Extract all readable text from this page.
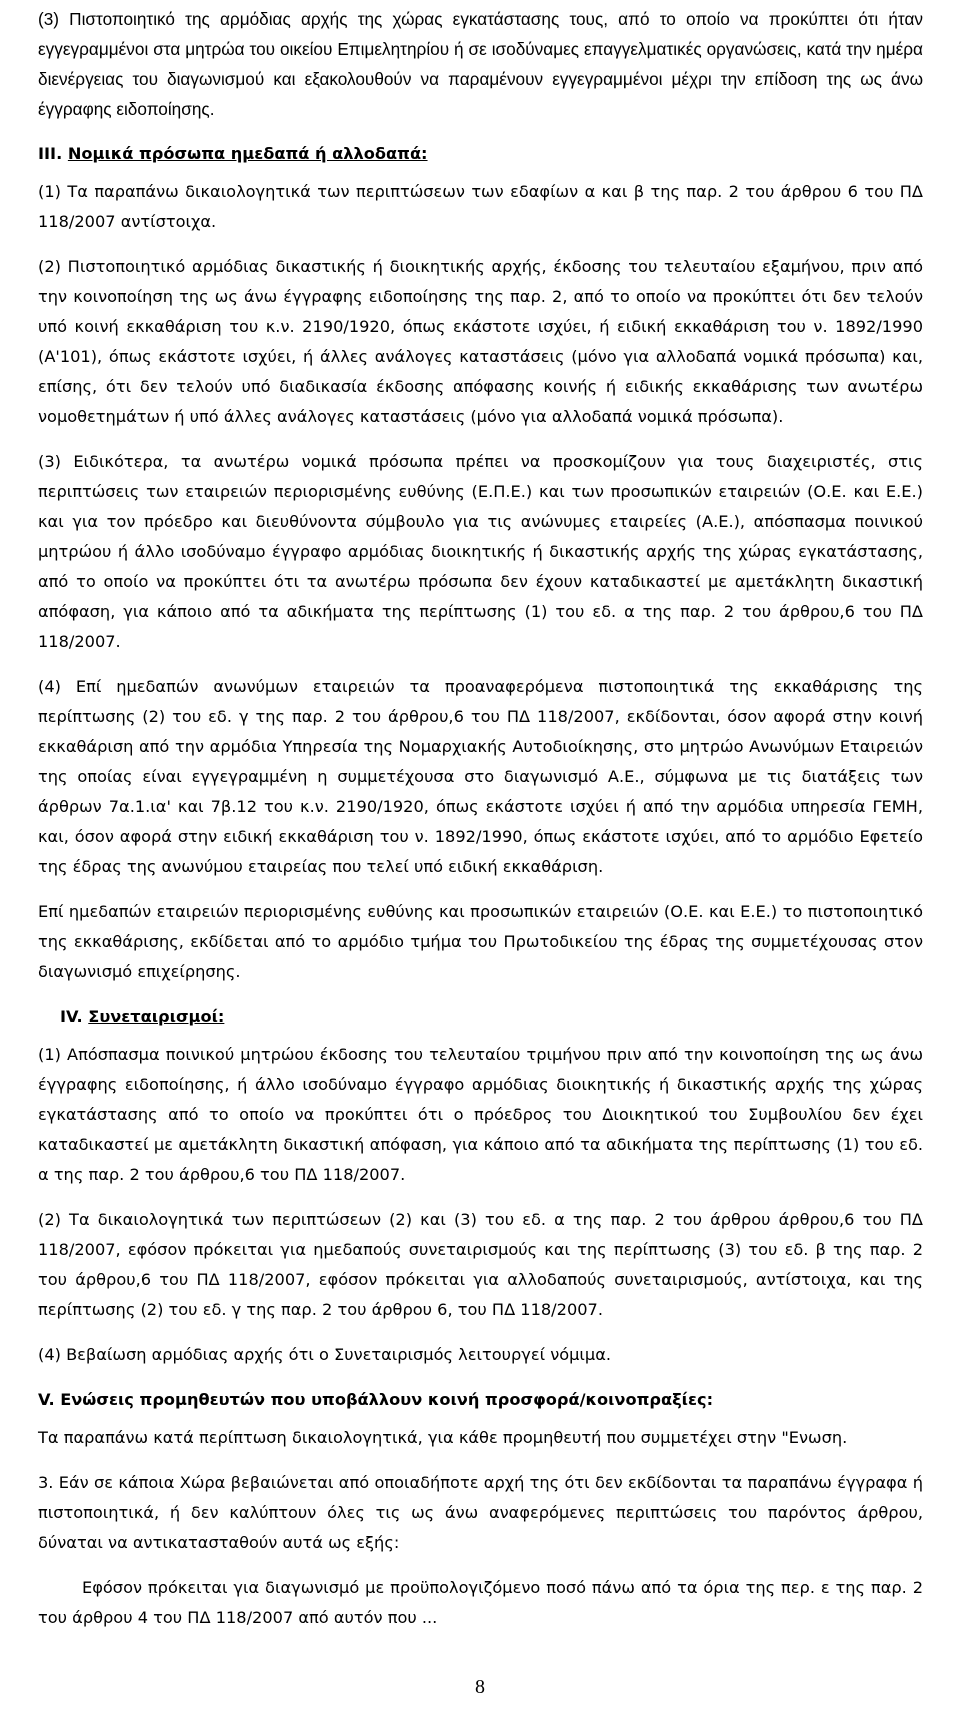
(3) Πιστοποιητικό της αρμόδιας αρχής της χώρας εγκατάστασης τους, από το οποίο να προκύπτει ότι ήταν εγγεγραμμένοι στα μητρώα του οικείου Επιμελητηρίου ή σε ισοδύναμες επαγγελματικές οργανώσεις, κατά την ημέρα διενέργειας του διαγωνισμού και εξακολουθούν να παραμένουν εγγεγραμμένοι μέχρι την επίδοση της ως άνω έγγραφης ειδοποίησης.

III. Νομικά πρόσωπα ημεδαπά ή αλλοδαπά:

(1) Τα παραπάνω δικαιολογητικά των περιπτώσεων των εδαφίων α και β της παρ. 2 του άρθρου 6 του ΠΔ 118/2007 αντίστοιχα.

(2) Πιστοποιητικό αρμόδιας δικαστικής ή διοικητικής αρχής, έκδοσης του τελευταίου εξαμήνου, πριν από την κοινοποίηση της ως άνω έγγραφης ειδοποίησης της παρ. 2, από το οποίο να προκύπτει ότι δεν τελούν υπό κοινή εκκαθάριση του κ.ν. 2190/1920, όπως εκάστοτε ισχύει, ή ειδική εκκαθάριση του ν. 1892/1990 (Α'101), όπως εκάστοτε ισχύει, ή άλλες ανάλογες καταστάσεις (μόνο για αλλοδαπά νομικά πρόσωπα) και, επίσης, ότι δεν τελούν υπό διαδικασία έκδοσης απόφασης κοινής ή ειδικής εκκαθάρισης των ανωτέρω νομοθετημάτων ή υπό άλλες ανάλογες καταστάσεις (μόνο για αλλοδαπά νομικά πρόσωπα).

(3) Ειδικότερα, τα ανωτέρω νομικά πρόσωπα πρέπει να προσκομίζουν για τους διαχειριστές, στις περιπτώσεις των εταιρειών περιορισμένης ευθύνης (Ε.Π.Ε.) και των προσωπικών εταιρειών (Ο.Ε. και Ε.Ε.) και για τον πρόεδρο και διευθύνοντα σύμβουλο για τις ανώνυμες εταιρείες (Α.Ε.), απόσπασμα ποινικού μητρώου ή άλλο ισοδύναμο έγγραφο αρμόδιας διοικητικής ή δικαστικής αρχής της χώρας εγκατάστασης, από το οποίο να προκύπτει ότι τα ανωτέρω πρόσωπα δεν έχουν καταδικαστεί με αμετάκλητη δικαστική απόφαση, για κάποιο από τα αδικήματα της περίπτωσης (1) του εδ. α της παρ. 2 του άρθρου,6 του ΠΔ 118/2007.

(4) Επί ημεδαπών ανωνύμων εταιρειών τα προαναφερόμενα πιστοποιητικά της εκκαθάρισης της περίπτωσης (2) του εδ. γ της παρ. 2 του άρθρου,6 του ΠΔ 118/2007, εκδίδονται, όσον αφορά στην κοινή εκκαθάριση από την αρμόδια Υπηρεσία της Νομαρχιακής Αυτοδιοίκησης, στο μητρώο Ανωνύμων Εταιρειών της οποίας είναι εγγεγραμμένη η συμμετέχουσα στο διαγωνισμό Α.Ε., σύμφωνα με τις διατάξεις των άρθρων 7α.1.ια' και 7β.12 του κ.ν. 2190/1920, όπως εκάστοτε ισχύει ή από την αρμόδια υπηρεσία ΓΕΜΗ, και, όσον αφορά στην ειδική εκκαθάριση του ν. 1892/1990, όπως εκάστοτε ισχύει, από το αρμόδιο Εφετείο της έδρας της ανωνύμου εταιρείας που τελεί υπό ειδική εκκαθάριση.

Επί ημεδαπών εταιρειών περιορισμένης ευθύνης και προσωπικών εταιρειών (Ο.Ε. και Ε.Ε.) το πιστοποιητικό της εκκαθάρισης, εκδίδεται από το αρμόδιο τμήμα του Πρωτοδικείου της έδρας της συμμετέχουσας στον διαγωνισμό επιχείρησης.

IV. Συνεταιρισμοί:

(1) Απόσπασμα ποινικού μητρώου έκδοσης του τελευταίου τριμήνου πριν από την κοινοποίηση της ως άνω έγγραφης ειδοποίησης, ή άλλο ισοδύναμο έγγραφο αρμόδιας διοικητικής ή δικαστικής αρχής της χώρας εγκατάστασης από το οποίο να προκύπτει ότι ο πρόεδρος του Διοικητικού του Συμβουλίου δεν έχει καταδικαστεί με αμετάκλητη δικαστική απόφαση, για κάποιο από τα αδικήματα της περίπτωσης (1) του εδ. α της παρ. 2 του άρθρου,6 του ΠΔ 118/2007.

(2) Τα δικαιολογητικά των περιπτώσεων (2) και (3) του εδ. α της παρ. 2 του άρθρου άρθρου,6 του ΠΔ 118/2007, εφόσον πρόκειται για ημεδαπούς συνεταιρισμούς και της περίπτωσης (3) του εδ. β της παρ. 2 του άρθρου,6 του ΠΔ 118/2007, εφόσον πρόκειται για αλλοδαπούς συνεταιρισμούς, αντίστοιχα, και της περίπτωσης (2) του εδ. γ της παρ. 2 του άρθρου 6, του ΠΔ 118/2007.

(4) Βεβαίωση αρμόδιας αρχής ότι ο Συνεταιρισμός λειτουργεί νόμιμα.

V. Ενώσεις προμηθευτών που υποβάλλουν κοινή προσφορά/κοινοπραξίες:

Τα παραπάνω κατά περίπτωση δικαιολογητικά, για κάθε προμηθευτή που συμμετέχει στην "Ενωση.

3. Εάν σε κάποια Χώρα βεβαιώνεται από οποιαδήποτε αρχή της ότι δεν εκδίδονται τα παραπάνω έγγραφα ή πιστοποιητικά, ή δεν καλύπτουν όλες τις ως άνω αναφερόμενες περιπτώσεις του παρόντος άρθρου, δύναται να αντικατασταθούν αυτά ως εξής:

Εφόσον πρόκειται για διαγωνισμό με προϋπολογιζόμενο ποσό πάνω από τα όρια της περ. ε της παρ. 2 του άρθρου 4 του ΠΔ 118/2007 από αυτόν που ...

8
